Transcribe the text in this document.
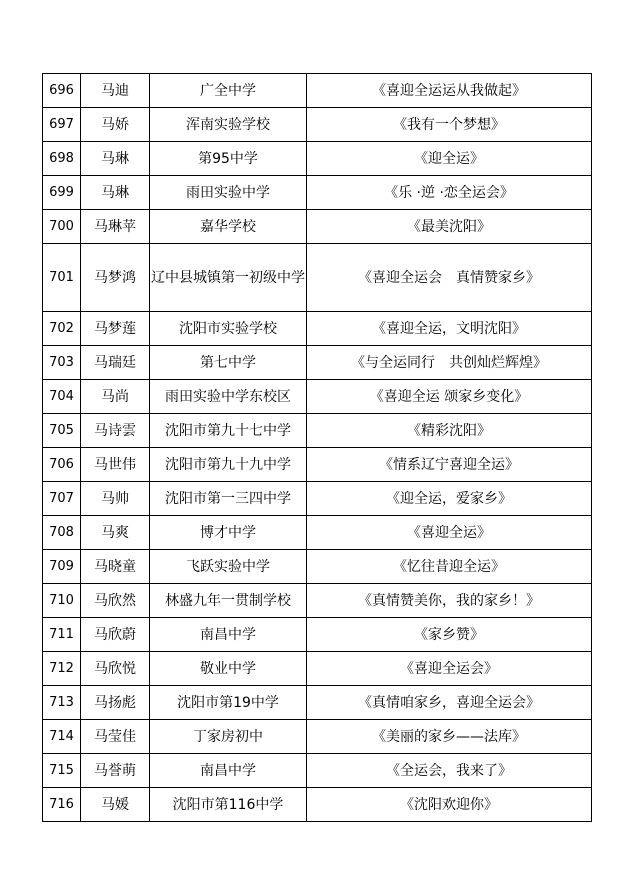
696	马迪	广全中学	《喜迎全运运从我做起》
697	马娇	浑南实验学校	《我有一个梦想》
698	马琳	第95中学	《迎全运》
699	马琳	雨田实验中学	《乐 ·逆 ·恋全运会》
700	马琳苹	嘉华学校	《最美沈阳》
701	马梦鸿	辽中县城镇第一初级中学	《喜迎全运会　真情赞家乡》
702	马梦莲	沈阳市实验学校	《喜迎全运，文明沈阳》
703	马瑞廷	第七中学	《与全运同行　共创灿烂辉煌》
704	马尚	雨田实验中学东校区	《喜迎全运 颂家乡变化》
705	马诗雲	沈阳市第九十七中学	《精彩沈阳》
706	马世伟	沈阳市第九十九中学	《情系辽宁喜迎全运》
707	马帅	沈阳市第一三四中学	《迎全运，爱家乡》
708	马爽	博才中学	《喜迎全运》
709	马晓童	飞跃实验中学	《忆往昔迎全运》
710	马欣然	林盛九年一贯制学校	《真情赞美你，我的家乡！》
711	马欣蔚	南昌中学	《家乡赞》
712	马欣悦	敬业中学	《喜迎全运会》
713	马扬彪	沈阳市第19中学	《真情咱家乡，喜迎全运会》
714	马莹佳	丁家房初中	《美丽的家乡——法库》
715	马誉萌	南昌中学	《全运会，我来了》
716	马媛	沈阳市第116中学	《沈阳欢迎你》
